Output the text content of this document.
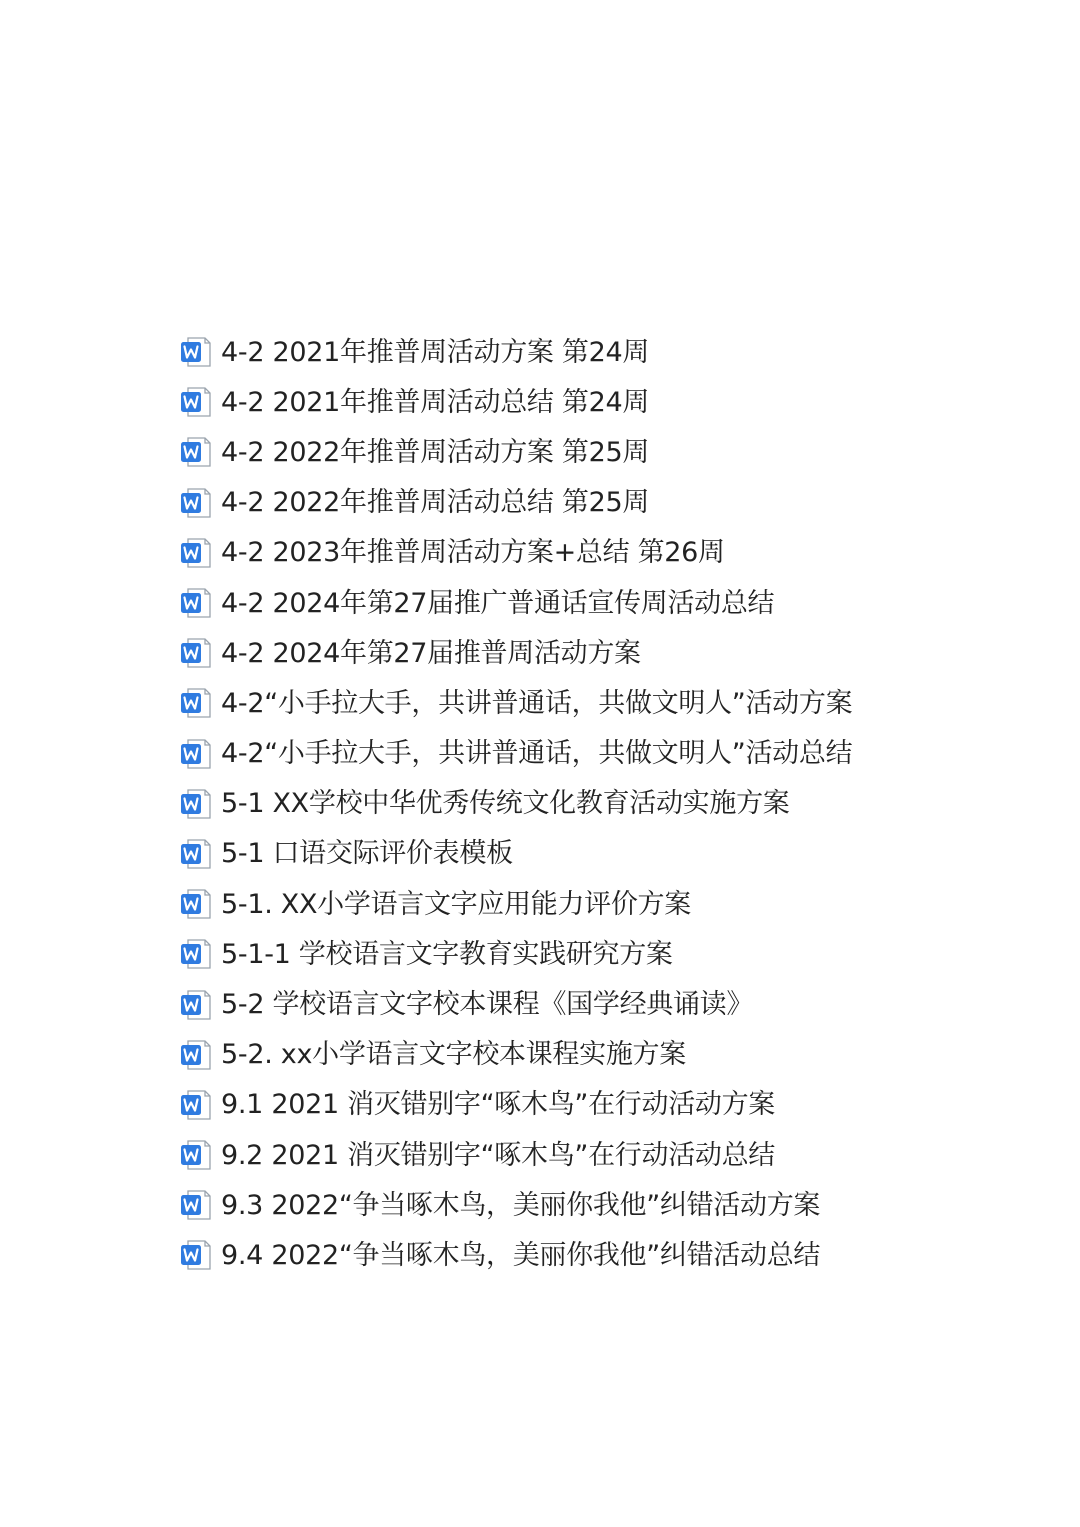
4-2 2021年推普周活动方案 第24周
4-2 2021年推普周活动总结 第24周
4-2 2022年推普周活动方案 第25周
4-2 2022年推普周活动总结 第25周
4-2 2023年推普周活动方案+总结 第26周
4-2 2024年第27届推广普通话宣传周活动总结
4-2 2024年第27届推普周活动方案
4-2“小手拉大手，共讲普通话，共做文明人”活动方案
4-2“小手拉大手，共讲普通话，共做文明人”活动总结
5-1 XX学校中华优秀传统文化教育活动实施方案
5-1 口语交际评价表模板
5-1. XX小学语言文字应用能力评价方案
5-1-1 学校语言文字教育实践研究方案
5-2 学校语言文字校本课程《国学经典诵读》
5-2. xx小学语言文字校本课程实施方案
9.1 2021 消灭错别字“啄木鸟”在行动活动方案
9.2 2021 消灭错别字“啄木鸟”在行动活动总结
9.3 2022“争当啄木鸟，美丽你我他”纠错活动方案
9.4 2022“争当啄木鸟，美丽你我他”纠错活动总结
